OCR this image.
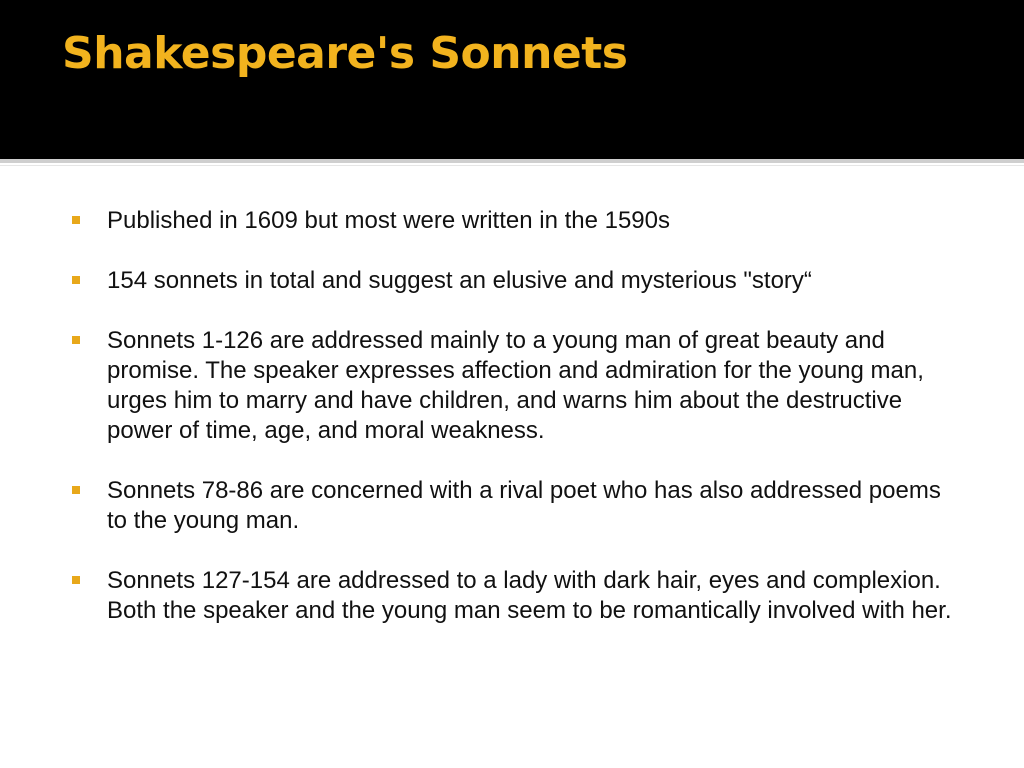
Shakespeare's Sonnets
Published in 1609 but most were written in the 1590s
154 sonnets in total and suggest an elusive and mysterious "story“
Sonnets 1-126 are addressed mainly to a young man of great beauty and promise. The speaker expresses affection and admiration for the young man, urges him to marry and have children, and warns him about the destructive power of time, age, and moral weakness.
Sonnets 78-86 are concerned with a rival poet who has also addressed poems to the young man.
Sonnets 127-154 are addressed to a lady with dark hair, eyes and complexion. Both the speaker and the young man seem to be romantically involved with her.
